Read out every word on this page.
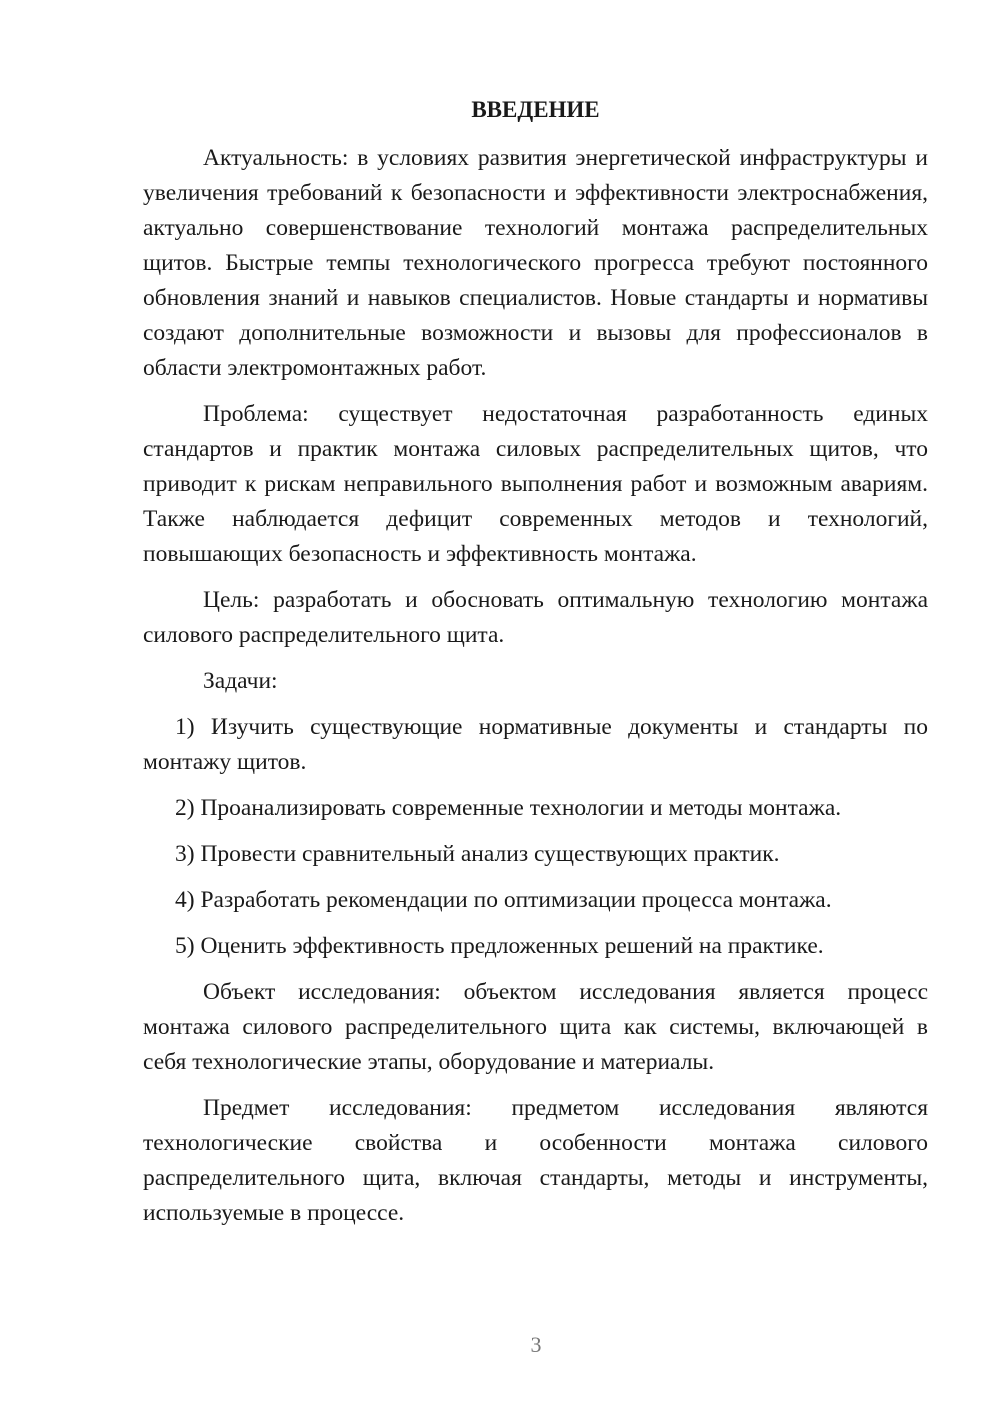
ВВЕДЕНИЕ

Актуальность: в условиях развития энергетической инфраструктуры и увеличения требований к безопасности и эффективности электроснабжения, актуально совершенствование технологий монтажа распределительных щитов. Быстрые темпы технологического прогресса требуют постоянного обновления знаний и навыков специалистов. Новые стандарты и нормативы создают дополнительные возможности и вызовы для профессионалов в области электромонтажных работ.

Проблема: существует недостаточная разработанность единых стандартов и практик монтажа силовых распределительных щитов, что приводит к рискам неправильного выполнения работ и возможным авариям. Также наблюдается дефицит современных методов и технологий, повышающих безопасность и эффективность монтажа.

Цель: разработать и обосновать оптимальную технологию монтажа силового распределительного щита.

Задачи:

1) Изучить существующие нормативные документы и стандарты по монтажу щитов.

2) Проанализировать современные технологии и методы монтажа.

3) Провести сравнительный анализ существующих практик.

4) Разработать рекомендации по оптимизации процесса монтажа.

5) Оценить эффективность предложенных решений на практике.

Объект исследования: объектом исследования является процесс монтажа силового распределительного щита как системы, включающей в себя технологические этапы, оборудование и материалы.

Предмет исследования: предметом исследования являются технологические свойства и особенности монтажа силового распределительного щита, включая стандарты, методы и инструменты, используемые в процессе.

3
